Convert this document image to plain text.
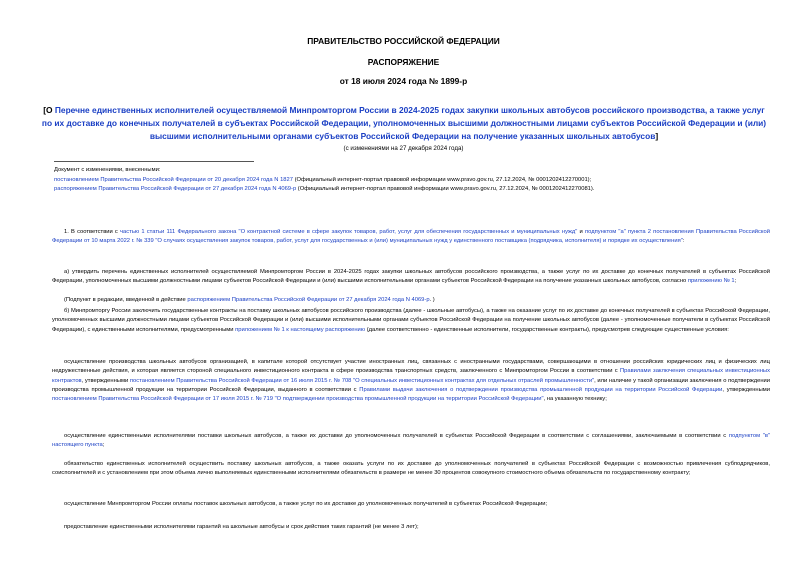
ПРАВИТЕЛЬСТВО РОССИЙСКОЙ ФЕДЕРАЦИИ
РАСПОРЯЖЕНИЕ
от 18 июля 2024 года № 1899-р
[О Перечне единственных исполнителей осуществляемой Минпромторгом России в 2024-2025 годах закупки школьных автобусов российского производства, а также услуг по их доставке до конечных получателей в субъектах Российской Федерации, уполномоченных высшими должностными лицами субъектов Российской Федерации и (или) высшими исполнительными органами субъектов Российской Федерации на получение указанных школьных автобусов]
(с изменениями на 27 декабря 2024 года)

Документ с изменениями, внесенными:

постановлением Правительства Российской Федерации от 20 декабря 2024 года N 1827 (Официальный интернет-портал правовой информации www.pravo.gov.ru, 27.12.2024, № 0001202412270001);

распоряжением Правительства Российской Федерации от 27 декабря 2024 года N 4069-р (Официальный интернет-портал правовой информации www.pravo.gov.ru, 27.12.2024, № 0001202412270081).

1. В соответствии с частью 1 статьи 111 Федерального закона "О контрактной системе в сфере закупок товаров, работ, услуг для обеспечения государственных и муниципальных нужд" и подпунктом "а" пункта 2 постановления Правительства Российской Федерации от 10 марта 2022 г. № 339 "О случаях осуществления закупок товаров, работ, услуг для государственных и (или) муниципальных нужд у единственного поставщика (подрядчика, исполнителя) и порядке их осуществления":

а) утвердить перечень единственных исполнителей осуществляемой Минпромторгом России в 2024-2025 годах закупки школьных автобусов российского производства, а также услуг по их доставке до конечных получателей в субъектах Российской Федерации, уполномоченных высшими должностными лицами субъектов Российской Федерации и (или) высшими исполнительными органами субъектов Российской Федерации на получение указанных школьных автобусов, согласно приложению № 1;

(Подпункт в редакции, введенной в действие распоряжением Правительства Российской Федерации от 27 декабря 2024 года N 4069-р. )

б) Минпромторгу России заключить государственные контракты на поставку школьных автобусов российского производства (далее - школьные автобусы), а также на оказание услуг по их доставке до конечных получателей в субъектах Российской Федерации, уполномоченных высшими должностными лицами субъектов Российской Федерации и (или) высшими исполнительными органами субъектов Российской Федерации на получение школьных автобусов (далее - уполномоченные получатели в субъектах Российской Федерации), с единственными исполнителями, предусмотренными приложением № 1 к настоящему распоряжению (далее соответственно - единственные исполнители, государственные контракты), предусмотрев следующие существенные условия:

осуществление производства школьных автобусов организацией, в капитале которой отсутствует участие иностранных лиц, связанных с иностранными государствами, совершающими в отношении российских юридических лиц и физических лиц недружественные действия, и которая является стороной специального инвестиционного контракта в сфере производства транспортных средств, заключенного с Минпромторгом России в соответствии с Правилами заключения специальных инвестиционных контрактов, утвержденными постановлением Правительства Российской Федерации от 16 июля 2015 г. № 708 "О специальных инвестиционных контрактах для отдельных отраслей промышленности", или наличие у такой организации заключения о подтверждении производства промышленной продукции на территории Российской Федерации, выданного в соответствии с Правилами выдачи заключения о подтверждении производства промышленной продукции на территории Российской Федерации, утвержденными постановлением Правительства Российской Федерации от 17 июля 2015 г. № 719 "О подтверждении производства промышленной продукции на территории Российской Федерации", на указанную технику;

осуществление единственными исполнителями поставки школьных автобусов, а также их доставки до уполномоченных получателей в субъектах Российской Федерации в соответствии с соглашениями, заключаемыми в соответствии с подпунктом "в" настоящего пункта;

обязательство единственных исполнителей осуществить поставку школьных автобусов, а также оказать услуги по их доставке до уполномоченных получателей в субъектах Российской Федерации с возможностью привлечения субподрядчиков, соисполнителей и с установлением при этом объема лично выполняемых единственными исполнителями обязательств в размере не менее 30 процентов совокупного стоимостного объема обязательств по государственному контракту;

осуществление Минпромторгом России оплаты поставок школьных автобусов, а также услуг по их доставке до уполномоченных получателей в субъектах Российской Федерации;

предоставление единственными исполнителями гарантий на школьные автобусы и срок действия таких гарантий (не менее 3 лет);
